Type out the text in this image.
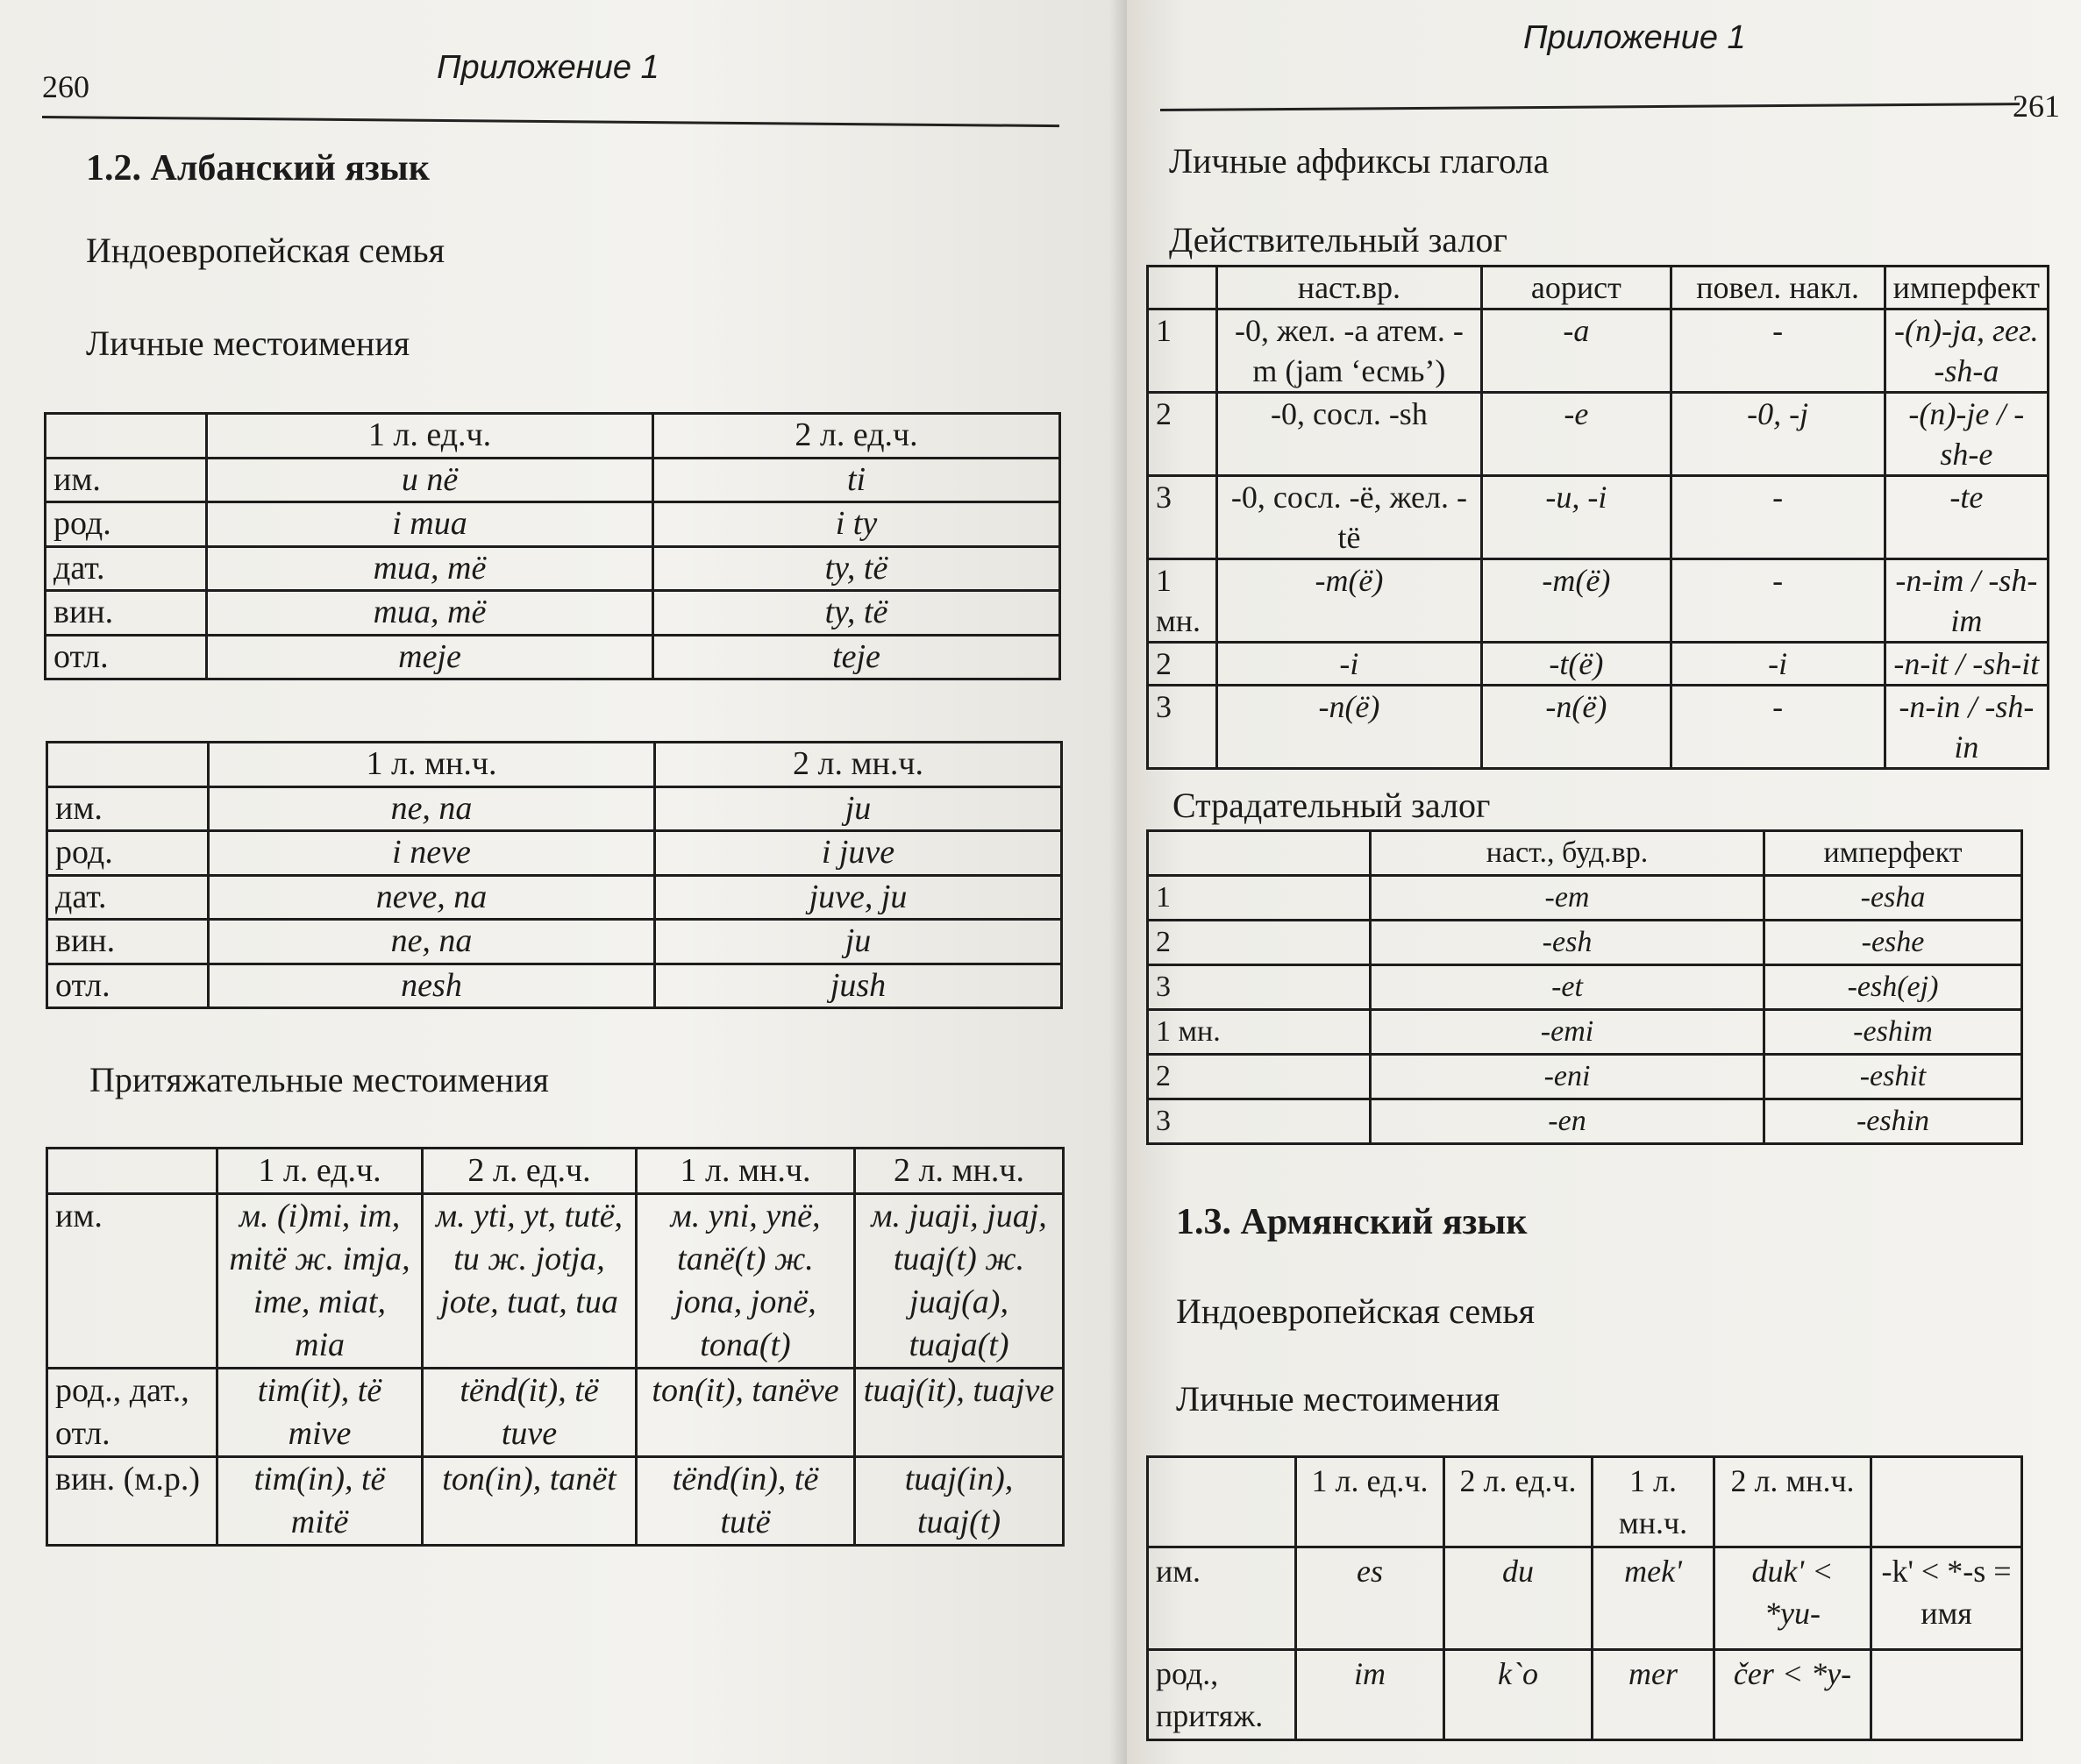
260
Приложение 1
1.2. Албанский язык
Индоевропейская семья
Личные местоимения
	1 л. ед.ч.	2 л. ед.ч.
им.	u në	ti
род.	i mua	i ty
дат.	mua, më	ty, të
вин.	mua, më	ty, të
отл.	meje	teje
	1 л. мн.ч.	2 л. мн.ч.
им.	ne, na	ju
род.	i neve	i juve
дат.	neve, na	juve, ju
вин.	ne, na	ju
отл.	nesh	jush
Притяжательные местоимения
	1 л. ед.ч.	2 л. ед.ч.	1 л. мн.ч.	2 л. мн.ч.
им.	м. (i)mi, im, mitë ж. imja, ime, miat, mia	м. yti, yt, tutë, tu ж. jotja, jote, tuat, tua	м. yni, ynë, tanë(t) ж. jona, jonë, tona(t)	м. juaji, juaj, tuaj(t) ж. juaj(a), tuaja(t)
род., дат., отл.	tim(it), të mive	tënd(it), të tuve	ton(it), tanëve	tuaj(it), tuajve
вин. (м.р.)	tim(in), të mitë	ton(in), tanët	tënd(in), të tutë	tuaj(in), tuaj(t)
Приложение 1
261
Личные аффиксы глагола
Действительный залог
	наст.вр.	аорист	повел. накл.	имперфект
1	-0, жел. -a атем. -m (jam ‘есмь’)	-a	-	-(n)-ja, гег. -sh-a
2	-0, сосл. -sh	-e	-0, -j	-(n)-je / -sh-e
3	-0, сосл. -ë, жел. -të	-u, -i	-	-te
1 мн.	-m(ë)	-m(ë)	-	-n-im / -sh-im
2	-i	-t(ë)	-i	-n-it / -sh-it
3	-n(ë)	-n(ë)	-	-n-in / -sh-in
Страдательный залог
	наст., буд.вр.	имперфект
1	-em	-esha
2	-esh	-eshe
3	-et	-esh(ej)
1 мн.	-emi	-eshim
2	-eni	-eshit
3	-en	-eshin
1.3. Армянский язык
Индоевропейская семья
Личные местоимения
	1 л. ед.ч.	2 л. ед.ч.	1 л. мн.ч.	2 л. мн.ч.	
им.	es	du	mek'	duk' < *yu-	-k' < *-s = имя
род., притяж.	im	k`o	mer	čer < *y-	
